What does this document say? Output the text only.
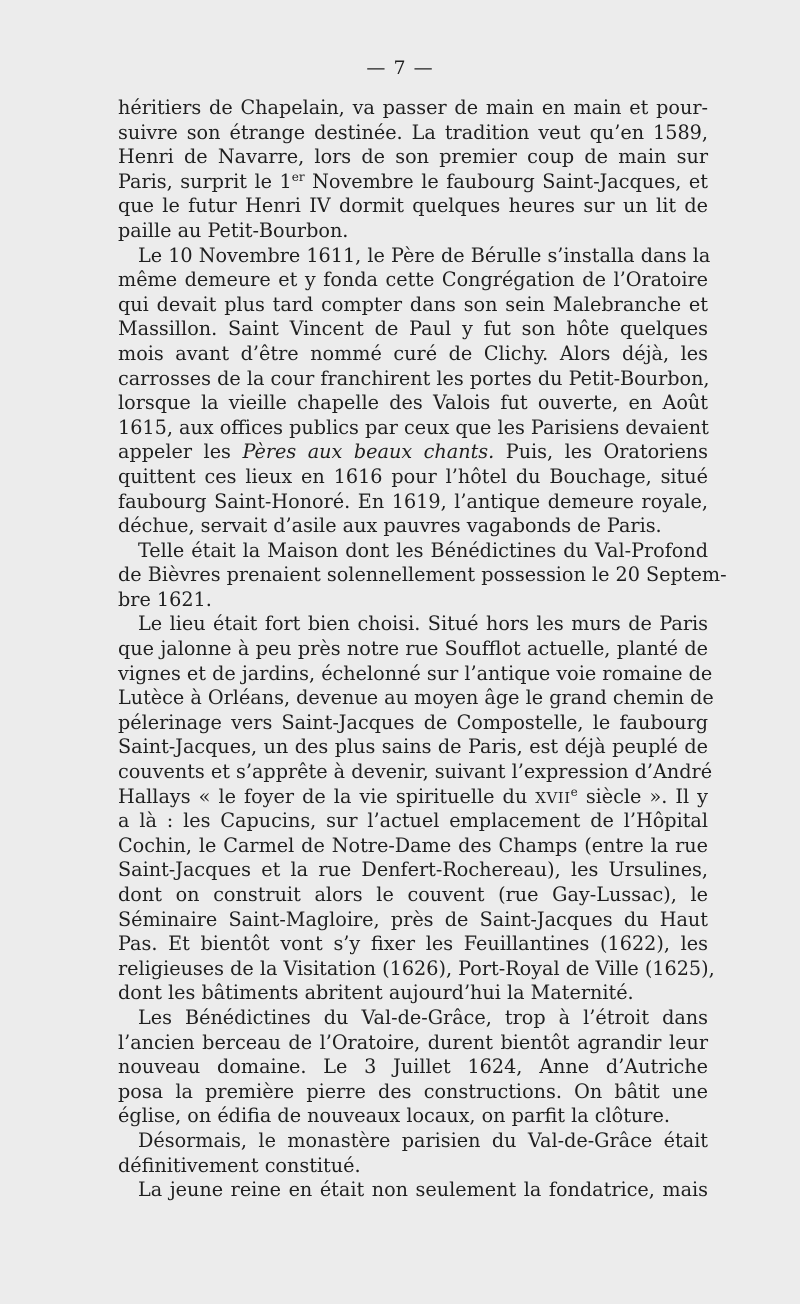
— 7 —
héritiers de Chapelain, va passer de main en main et pour-
suivre son étrange destinée. La tradition veut qu’en 1589,
Henri de Navarre, lors de son premier coup de main sur
Paris, surprit le 1er Novembre le faubourg Saint-Jacques, et
que le futur Henri IV dormit quelques heures sur un lit de
paille au Petit-Bourbon.
Le 10 Novembre 1611, le Père de Bérulle s’installa dans la
même demeure et y fonda cette Congrégation de l’Oratoire
qui devait plus tard compter dans son sein Malebranche et
Massillon. Saint Vincent de Paul y fut son hôte quelques
mois avant d’être nommé curé de Clichy. Alors déjà, les
carrosses de la cour franchirent les portes du Petit-Bourbon,
lorsque la vieille chapelle des Valois fut ouverte, en Août
1615, aux offices publics par ceux que les Parisiens devaient
appeler les Pères aux beaux chants. Puis, les Oratoriens
quittent ces lieux en 1616 pour l’hôtel du Bouchage, situé
faubourg Saint-Honoré. En 1619, l’antique demeure royale,
déchue, servait d’asile aux pauvres vagabonds de Paris.
Telle était la Maison dont les Bénédictines du Val-Profond
de Bièvres prenaient solennellement possession le 20 Septem-
bre 1621.
Le lieu était fort bien choisi. Situé hors les murs de Paris
que jalonne à peu près notre rue Soufflot actuelle, planté de
vignes et de jardins, échelonné sur l’antique voie romaine de
Lutèce à Orléans, devenue au moyen âge le grand chemin de
pélerinage vers Saint-Jacques de Compostelle, le faubourg
Saint-Jacques, un des plus sains de Paris, est déjà peuplé de
couvents et s’apprête à devenir, suivant l’expression d’André
Hallays « le foyer de la vie spirituelle du XVIIe siècle ». Il y
a là : les Capucins, sur l’actuel emplacement de l’Hôpital
Cochin, le Carmel de Notre-Dame des Champs (entre la rue
Saint-Jacques et la rue Denfert-Rochereau), les Ursulines,
dont on construit alors le couvent (rue Gay-Lussac), le
Séminaire Saint-Magloire, près de Saint-Jacques du Haut
Pas. Et bientôt vont s’y fixer les Feuillantines (1622), les
religieuses de la Visitation (1626), Port-Royal de Ville (1625),
dont les bâtiments abritent aujourd’hui la Maternité.
Les Bénédictines du Val-de-Grâce, trop à l’étroit dans
l’ancien berceau de l’Oratoire, durent bientôt agrandir leur
nouveau domaine. Le 3 Juillet 1624, Anne d’Autriche
posa la première pierre des constructions. On bâtit une
église, on édifia de nouveaux locaux, on parfit la clôture.
Désormais, le monastère parisien du Val-de-Grâce était
définitivement constitué.
La jeune reine en était non seulement la fondatrice, mais
